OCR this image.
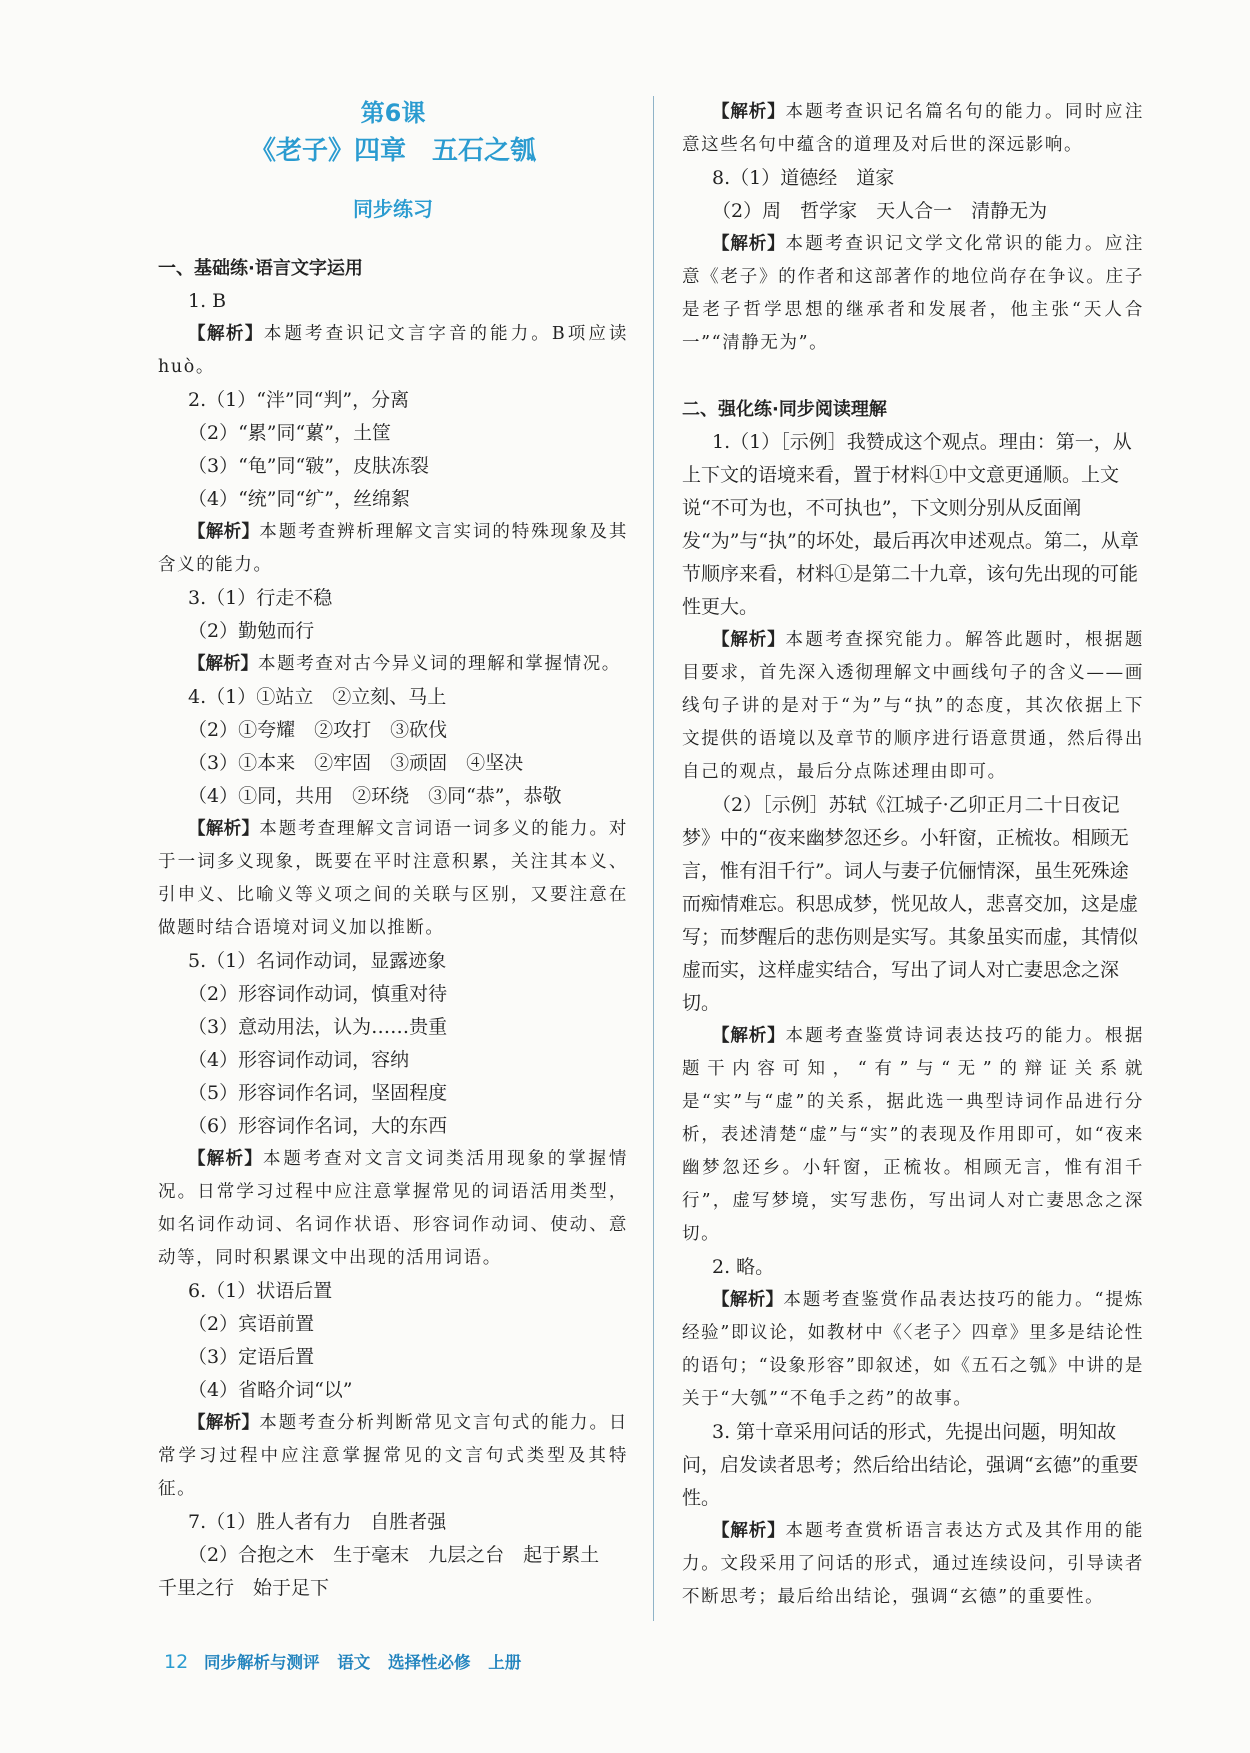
第6课

《老子》四章　五石之瓠

同步练习

一、基础练·语言文字运用

1. B

【解析】本题考查识记文言字音的能力。B项应读huò。

2.（1）“泮”同“判”，分离

（2）“累”同“蔂”，土筐

（3）“龟”同“皲”，皮肤冻裂

（4）“统”同“纩”，丝绵絮

【解析】本题考查辨析理解文言实词的特殊现象及其含义的能力。

3.（1）行走不稳

（2）勤勉而行

【解析】本题考查对古今异义词的理解和掌握情况。

4.（1）①站立　②立刻、马上

（2）①夸耀　②攻打　③砍伐

（3）①本来　②牢固　③顽固　④坚决

（4）①同，共用　②环绕　③同“恭”，恭敬

【解析】本题考查理解文言词语一词多义的能力。对于一词多义现象，既要在平时注意积累，关注其本义、引申义、比喻义等义项之间的关联与区别，又要注意在做题时结合语境对词义加以推断。

5.（1）名词作动词，显露迹象

（2）形容词作动词，慎重对待

（3）意动用法，认为……贵重

（4）形容词作动词，容纳

（5）形容词作名词，坚固程度

（6）形容词作名词，大的东西

【解析】本题考查对文言文词类活用现象的掌握情况。日常学习过程中应注意掌握常见的词语活用类型，如名词作动词、名词作状语、形容词作动词、使动、意动等，同时积累课文中出现的活用词语。

6.（1）状语后置

（2）宾语前置

（3）定语后置

（4）省略介词“以”

【解析】本题考查分析判断常见文言句式的能力。日常学习过程中应注意掌握常见的文言句式类型及其特征。

7.（1）胜人者有力　自胜者强

（2）合抱之木　生于毫末　九层之台　起于累土　千里之行　始于足下

【解析】本题考查识记名篇名句的能力。同时应注意这些名句中蕴含的道理及对后世的深远影响。

8.（1）道德经　道家

（2）周　哲学家　天人合一　清静无为

【解析】本题考查识记文学文化常识的能力。应注意《老子》的作者和这部著作的地位尚存在争议。庄子是老子哲学思想的继承者和发展者，他主张“天人合一”“清静无为”。

二、强化练·同步阅读理解

1.（1）［示例］我赞成这个观点。理由：第一，从上下文的语境来看，置于材料①中文意更通顺。上文说“不可为也，不可执也”，下文则分别从反面阐发“为”与“执”的坏处，最后再次申述观点。第二，从章节顺序来看，材料①是第二十九章，该句先出现的可能性更大。

【解析】本题考查探究能力。解答此题时，根据题目要求，首先深入透彻理解文中画线句子的含义——画线句子讲的是对于“为”与“执”的态度，其次依据上下文提供的语境以及章节的顺序进行语意贯通，然后得出自己的观点，最后分点陈述理由即可。

（2）［示例］苏轼《江城子·乙卯正月二十日夜记梦》中的“夜来幽梦忽还乡。小轩窗，正梳妆。相顾无言，惟有泪千行”。词人与妻子伉俪情深，虽生死殊途而痴情难忘。积思成梦，恍见故人，悲喜交加，这是虚写；而梦醒后的悲伤则是实写。其象虽实而虚，其情似虚而实，这样虚实结合，写出了词人对亡妻思念之深切。

【解析】本题考查鉴赏诗词表达技巧的能力。根据题干内容可知，“有”与“无”的辩证关系就是“实”与“虚”的关系，据此选一典型诗词作品进行分析，表述清楚“虚”与“实”的表现及作用即可，如“夜来幽梦忽还乡。小轩窗，正梳妆。相顾无言，惟有泪千行”，虚写梦境，实写悲伤，写出词人对亡妻思念之深切。

2. 略。

【解析】本题考查鉴赏作品表达技巧的能力。“提炼经验”即议论，如教材中《〈老子〉四章》里多是结论性的语句；“设象形容”即叙述，如《五石之瓠》中讲的是关于“大瓠”“不龟手之药”的故事。

3. 第十章采用问话的形式，先提出问题，明知故问，启发读者思考；然后给出结论，强调“玄德”的重要性。

【解析】本题考查赏析语言表达方式及其作用的能力。文段采用了问话的形式，通过连续设问，引导读者不断思考；最后给出结论，强调“玄德”的重要性。

12 同步解析与测评 语文 选择性必修 上册
